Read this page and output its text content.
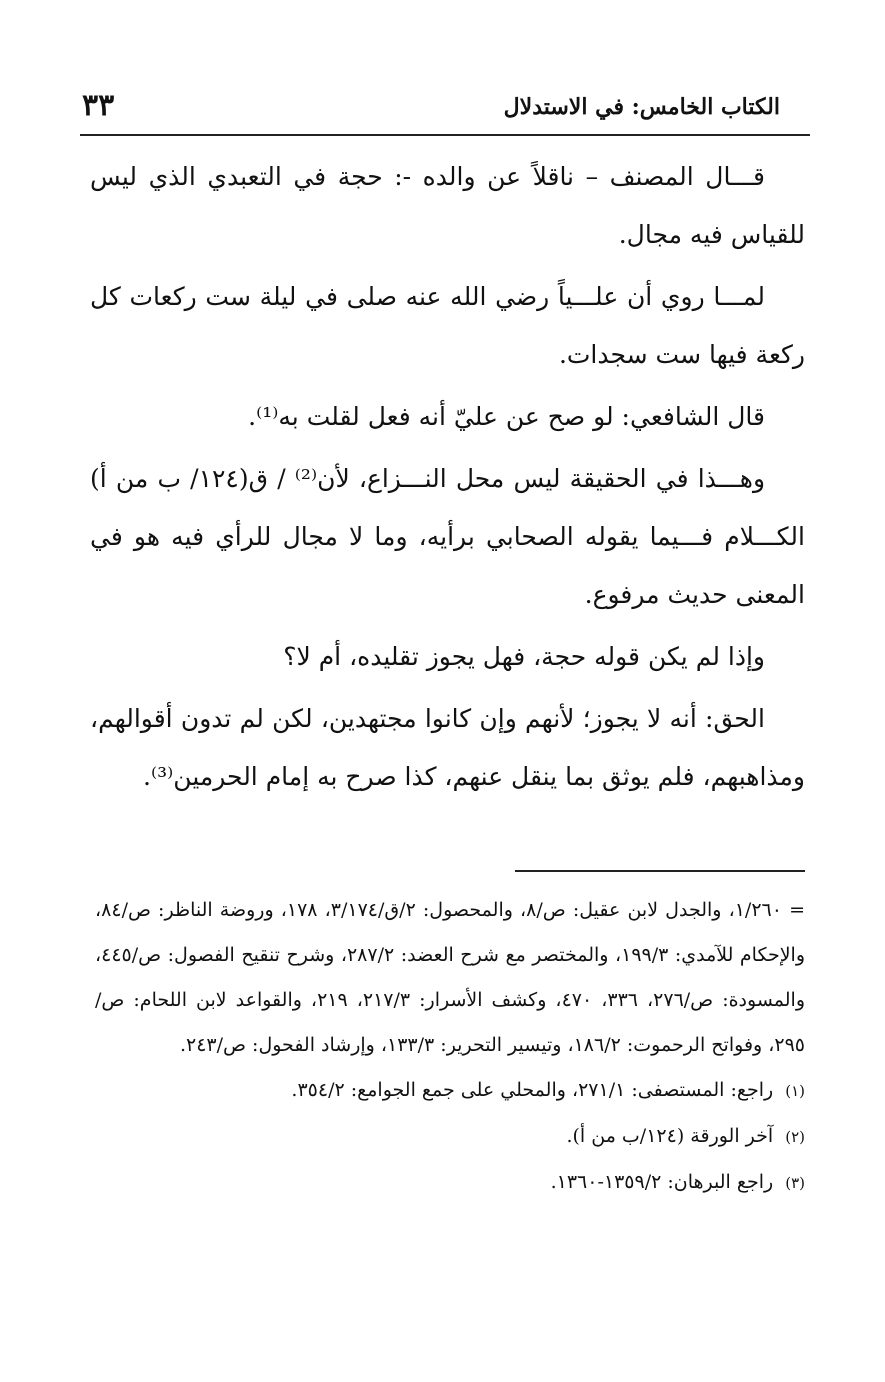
الكتاب الخامس: في الاستدلال
٣٣

قـــال المصنف – ناقلاً عن والده -: حجة في التعبدي الذي ليس للقياس فيه مجال.

لمـــا روي أن علـــياً رضي الله عنه صلى في ليلة ست ركعات كل ركعة فيها ست سجدات.

قال الشافعي: لو صح عن عليّ أنه فعل لقلت به⁽¹⁾.

وهـــذا في الحقيقة ليس محل النـــزاع، لأن⁽²⁾ / ق(١٢٤/ ب من أ) الكـــلام فـــيما يقوله الصحابي برأيه، وما لا مجال للرأي فيه هو في المعنى حديث مرفوع.

وإذا لم يكن قوله حجة، فهل يجوز تقليده، أم لا؟

الحق: أنه لا يجوز؛ لأنهم وإن كانوا مجتهدين، لكن لم تدون أقوالهم، ومذاهبهم، فلم يوثق بما ينقل عنهم، كذا صرح به إمام الحرمين⁽³⁾.

= ١/٢٦٠، والجدل لابن عقيل: ص/٨، والمحصول: ٢/ق/٣/١٧٤، ١٧٨، وروضة الناظر: ص/٨٤، والإحكام للآمدي: ١٩٩/٣، والمختصر مع شرح العضد: ٢٨٧/٢، وشرح تنقيح الفصول: ص/٤٤٥، والمسودة: ص/٢٧٦، ٣٣٦، ٤٧٠، وكشف الأسرار: ٢١٧/٣، ٢١٩، والقواعد لابن اللحام: ص/٢٩٥، وفواتح الرحموت: ١٨٦/٢، وتيسير التحرير: ١٣٣/٣، وإرشاد الفحول: ص/٢٤٣.

(١) راجع: المستصفى: ٢٧١/١، والمحلي على جمع الجوامع: ٣٥٤/٢.

(٢) آخر الورقة (١٢٤/ب من أ).

(٣) راجع البرهان: ١٣٥٩/٢-١٣٦٠.
